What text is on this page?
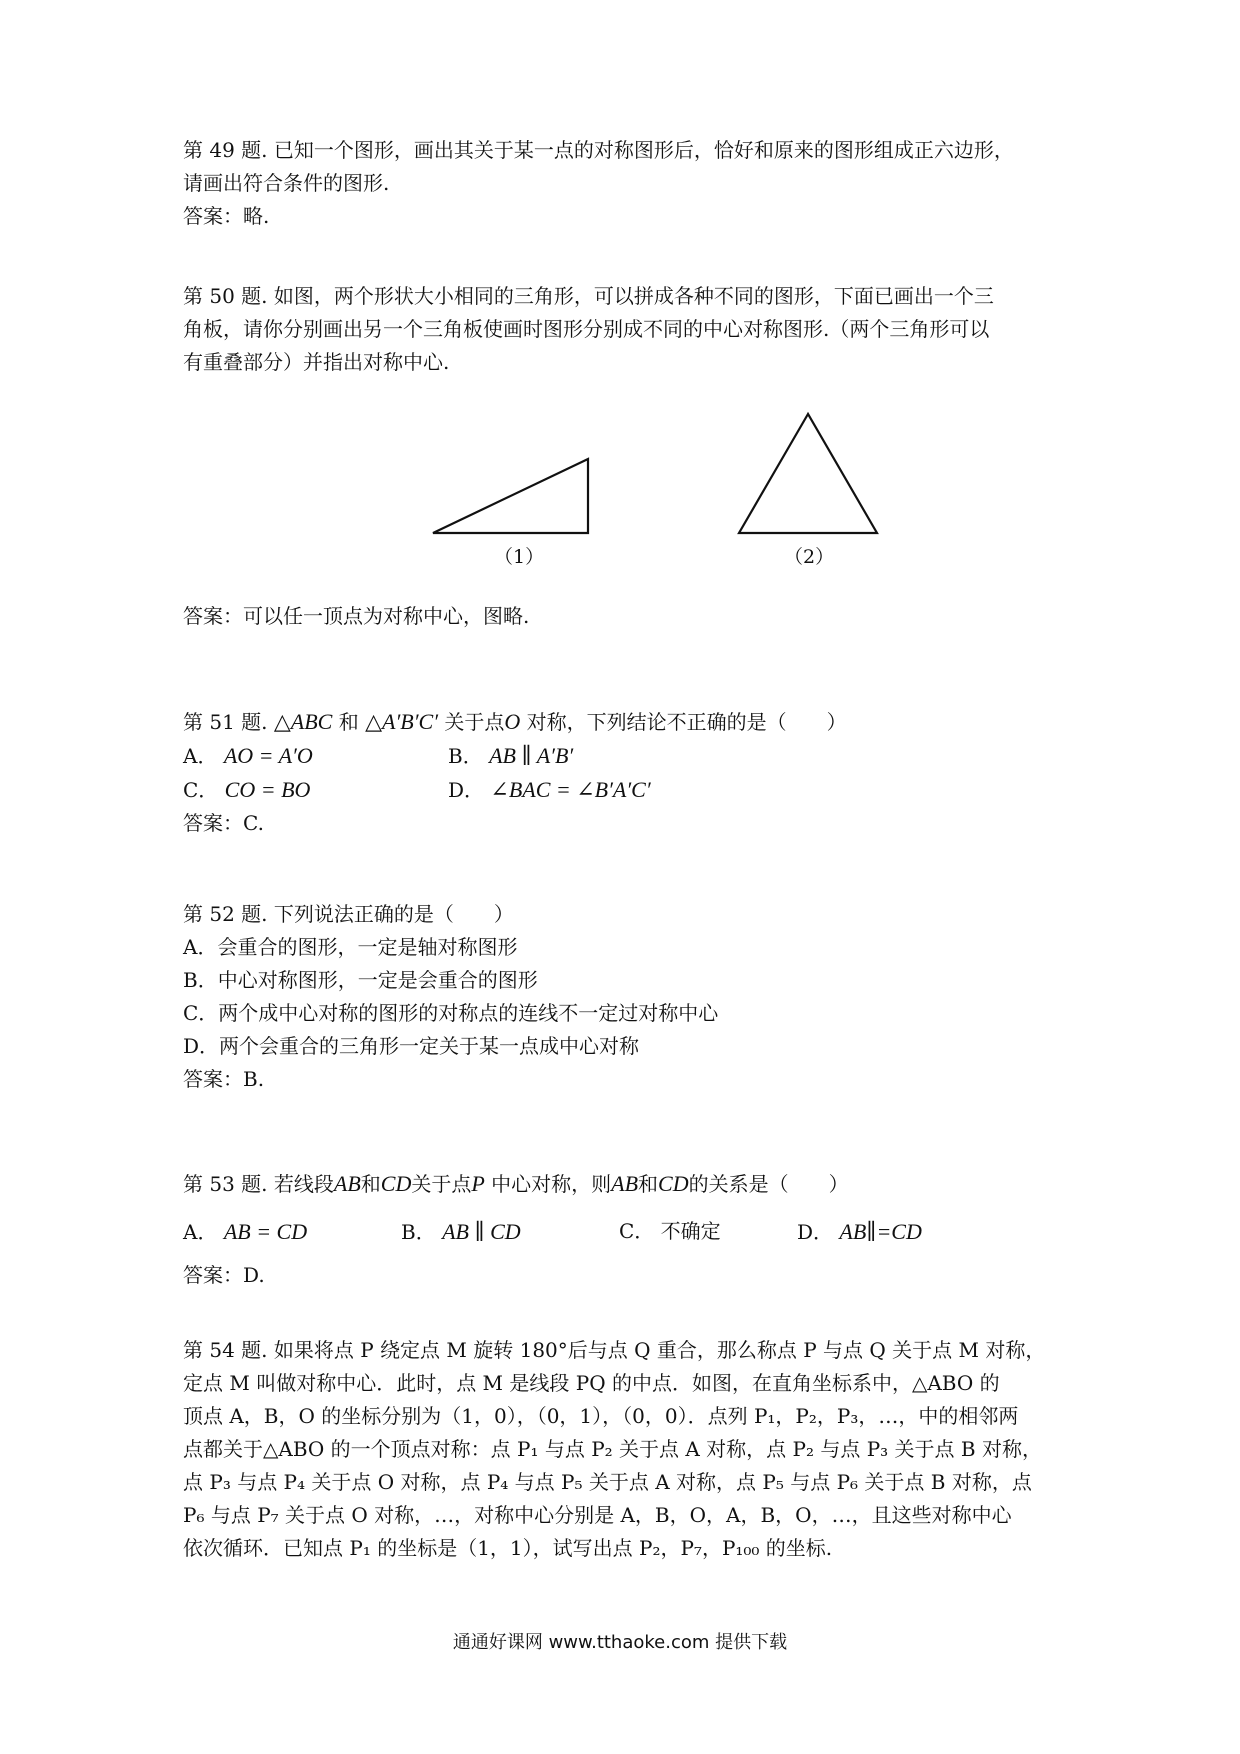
第 49 题. 已知一个图形，画出其关于某一点的对称图形后，恰好和原来的图形组成正六边形，
请画出符合条件的图形.
答案：略.
第 50 题. 如图，两个形状大小相同的三角形，可以拼成各种不同的图形，下面已画出一个三
角板，请你分别画出另一个三角板使画时图形分别成不同的中心对称图形.（两个三角形可以
有重叠部分）并指出对称中心.
答案：可以任一顶点为对称中心，图略.
第 51 题. △ABC 和 △A′B′C′ 关于点O 对称，下列结论不正确的是（　　）
A． AO = A′O	B． AB ∥ A′B′
C． CO = BO	D． ∠BAC = ∠B′A′C′
答案：C.
第 52 题. 下列说法正确的是（　　）
A．会重合的图形，一定是轴对称图形
B．中心对称图形，一定是会重合的图形
C．两个成中心对称的图形的对称点的连线不一定过对称中心
D．两个会重合的三角形一定关于某一点成中心对称
答案：B.
第 53 题. 若线段AB和CD关于点P 中心对称，则AB和CD的关系是（　　）
A． AB = CD	B． AB ∥ CD	C． 不确定	D． AB∥=CD
答案：D.
第 54 题. 如果将点 P 绕定点 M 旋转 180°后与点 Q 重合，那么称点 P 与点 Q 关于点 M 对称，
定点 M 叫做对称中心．此时，点 M 是线段 PQ 的中点．如图，在直角坐标系中，△ABO 的
顶点 A，B，O 的坐标分别为（1，0），（0，1），（0，0）．点列 P₁，P₂，P₃，…，中的相邻两
点都关于△ABO 的一个顶点对称：点 P₁ 与点 P₂ 关于点 A 对称，点 P₂ 与点 P₃ 关于点 B 对称，
点 P₃ 与点 P₄ 关于点 O 对称，点 P₄ 与点 P₅ 关于点 A 对称，点 P₅ 与点 P₆ 关于点 B 对称，点
P₆ 与点 P₇ 关于点 O 对称，…，对称中心分别是 A，B，O，A，B，O，…，且这些对称中心
依次循环．已知点 P₁ 的坐标是（1，1），试写出点 P₂，P₇，P₁₀₀ 的坐标.
（1）	（2）
通通好课网 www.tthaoke.com 提供下载
